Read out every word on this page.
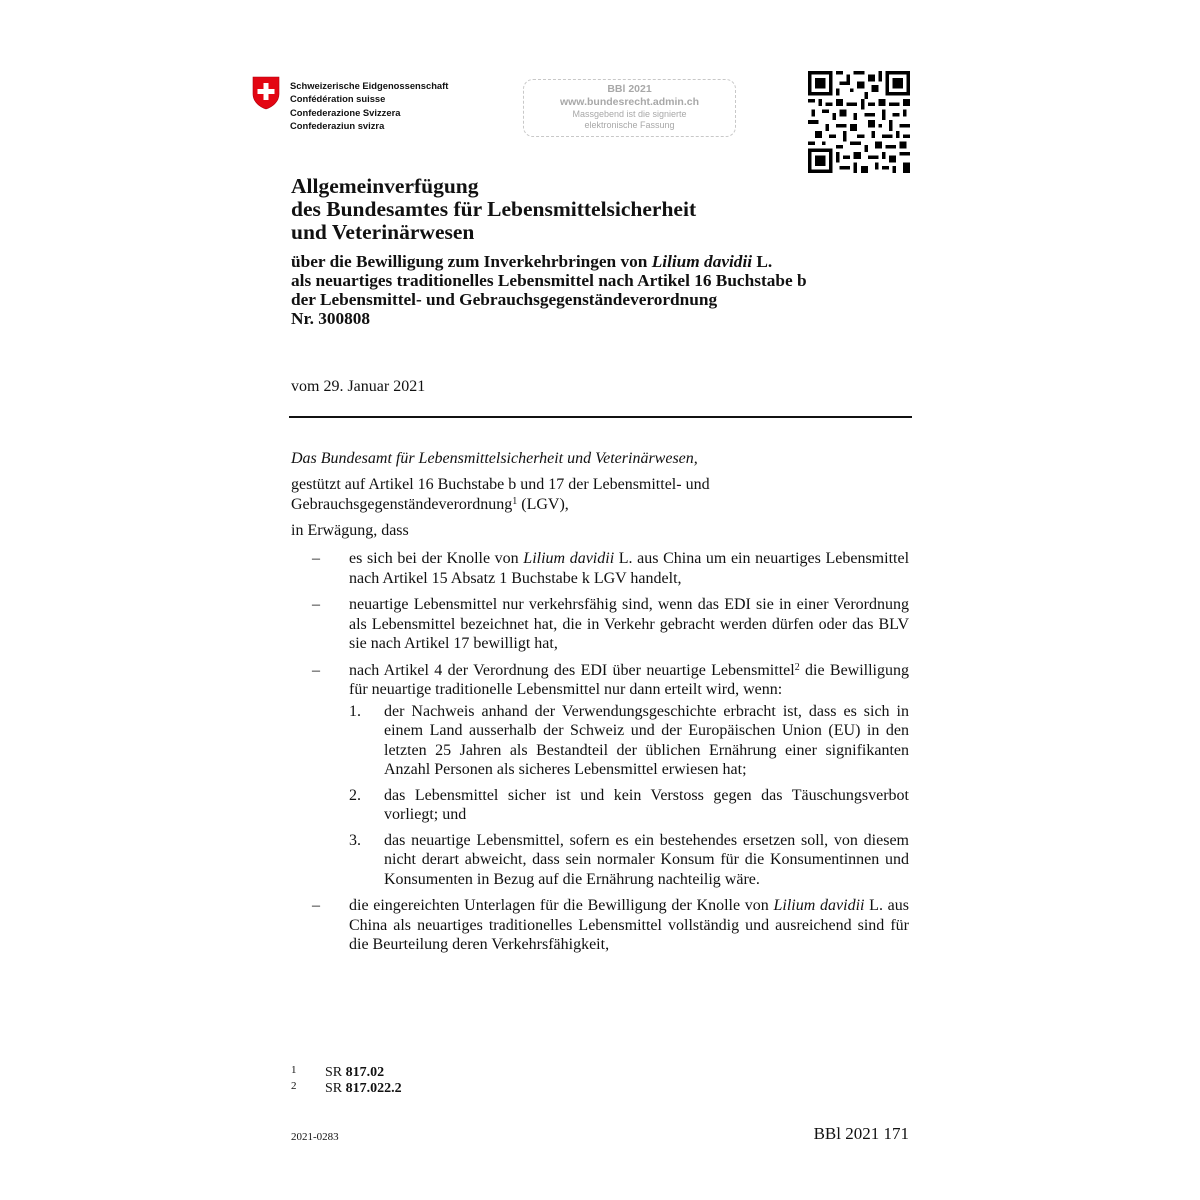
Schweizerische Eidgenossenschaft
Confédération suisse
Confederazione Svizzera
Confederaziun svizra
BBl 2021
www.bundesrecht.admin.ch
Massgebend ist die signierte
elektronische Fassung
Allgemeinverfügung
des Bundesamtes für Lebensmittelsicherheit
und Veterinärwesen
über die Bewilligung zum Inverkehrbringen von Lilium davidii L.
als neuartiges traditionelles Lebensmittel nach Artikel 16 Buchstabe b
der Lebensmittel- und Gebrauchsgegenständeverordnung
Nr. 300808
vom 29. Januar 2021
Das Bundesamt für Lebensmittelsicherheit und Veterinärwesen,
gestützt auf Artikel 16 Buchstabe b und 17 der Lebensmittel- und
Gebrauchsgegenständeverordnung$^1$ (LGV),
in Erwägung, dass
– es sich bei der Knolle von Lilium davidii L. aus China um ein neuartiges Lebensmittel nach Artikel 15 Absatz 1 Buchstabe k LGV handelt,
– neuartige Lebensmittel nur verkehrsfähig sind, wenn das EDI sie in einer Verordnung als Lebensmittel bezeichnet hat, die in Verkehr gebracht werden dürfen oder das BLV sie nach Artikel 17 bewilligt hat,
– nach Artikel 4 der Verordnung des EDI über neuartige Lebensmittel$^2$ die Bewilligung für neuartige traditionelle Lebensmittel nur dann erteilt wird, wenn:
1. der Nachweis anhand der Verwendungsgeschichte erbracht ist, dass es sich in einem Land ausserhalb der Schweiz und der Europäischen Union (EU) in den letzten 25 Jahren als Bestandteil der üblichen Ernährung einer signifikanten Anzahl Personen als sicheres Lebensmittel erwiesen hat;
2. das Lebensmittel sicher ist und kein Verstoss gegen das Täuschungsverbot vorliegt; und
3. das neuartige Lebensmittel, sofern es ein bestehendes ersetzen soll, von diesem nicht derart abweicht, dass sein normaler Konsum für die Konsumentinnen und Konsumenten in Bezug auf die Ernährung nachteilig wäre.
– die eingereichten Unterlagen für die Bewilligung der Knolle von Lilium davidii L. aus China als neuartiges traditionelles Lebensmittel vollständig und ausreichend sind für die Beurteilung deren Verkehrsfähigkeit,
1 SR 817.02
2 SR 817.022.2
2021-0283	BBl 2021 171
